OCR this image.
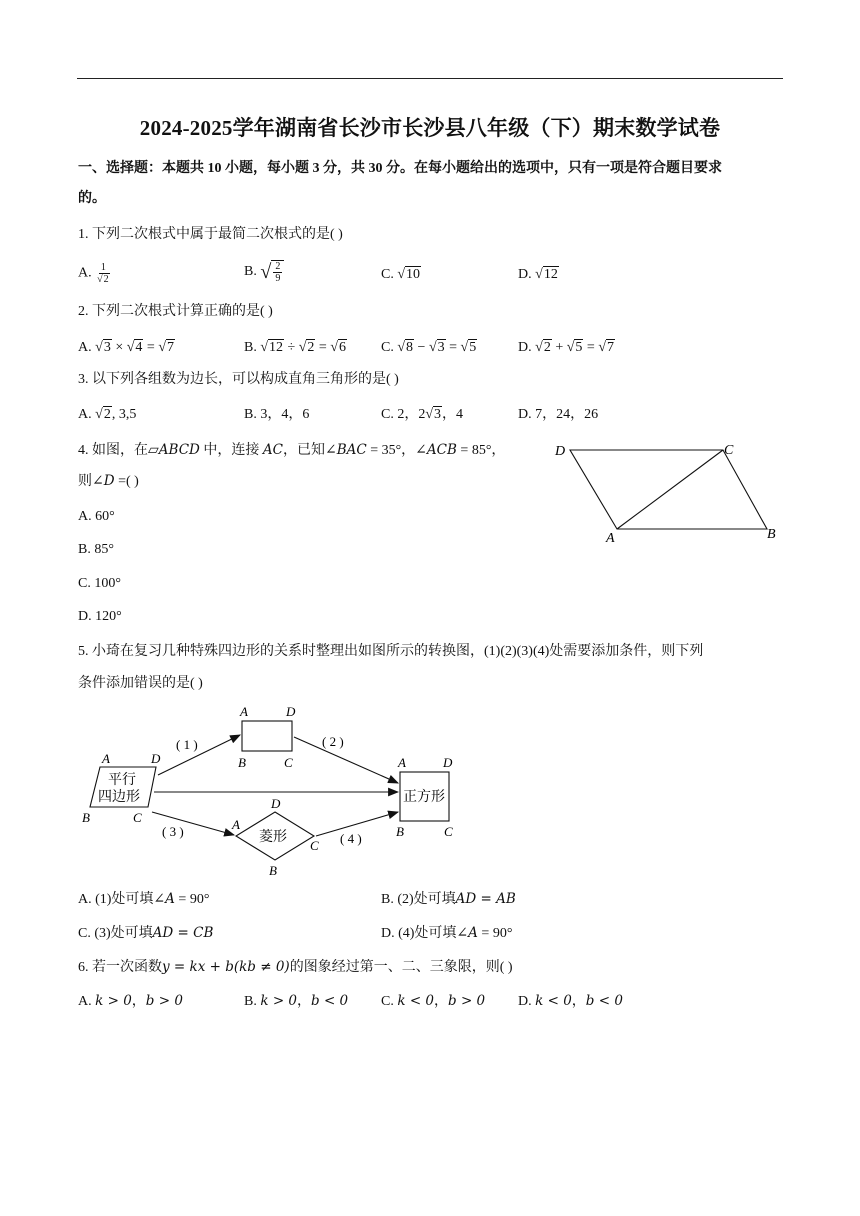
2024-2025学年湖南省长沙市长沙县八年级（下）期末数学试卷
一、选择题：本题共 10 小题，每小题 3 分，共 30 分。在每小题给出的选项中，只有一项是符合题目要求
的。
1. 下列二次根式中属于最简二次根式的是( )
A. $\frac{1}{√2}$	B. √ $\frac{2}{9}$	C. √10	D. √12
2. 下列二次根式计算正确的是( )
A. √3 × √4 = √7	B. √12 ÷ √2 = √6	C. √8 − √3 = √5	D. √2 + √5 = √7
3. 以下列各组数为边长，可以构成直角三角形的是( )
A. √2, 3,5	B. 3，4，6	C. 2，2√3，4	D. 7，24，26
4. 如图，在▱ABCD 中，连接 AC，已知∠BAC = 35°，∠ACB = 85°，
则∠D =( )
A. 60°
B. 85°
C. 100°
D. 120°
D	C
A	B
5. 小琦在复习几种特殊四边形的关系时整理出如图所示的转换图，(1)(2)(3)(4)处需要添加条件，则下列
条件添加错误的是( )
平行
四边形
A	D
B	C
A	D
B	C
菱形
D
A
C
B
正方形
A	D
B	C
( 1 )	( 2 )
( 3 )	( 4 )
A. (1)处可填∠A = 90°	B. (2)处可填AD = AB
C. (3)处可填AD = CB	D. (4)处可填∠A = 90°
6. 若一次函数y = kx + b(kb ≠ 0)的图象经过第一、二、三象限，则( )
A. k > 0，b > 0	B. k > 0，b < 0 C. k < 0，b > 0 D. k < 0，b < 0
